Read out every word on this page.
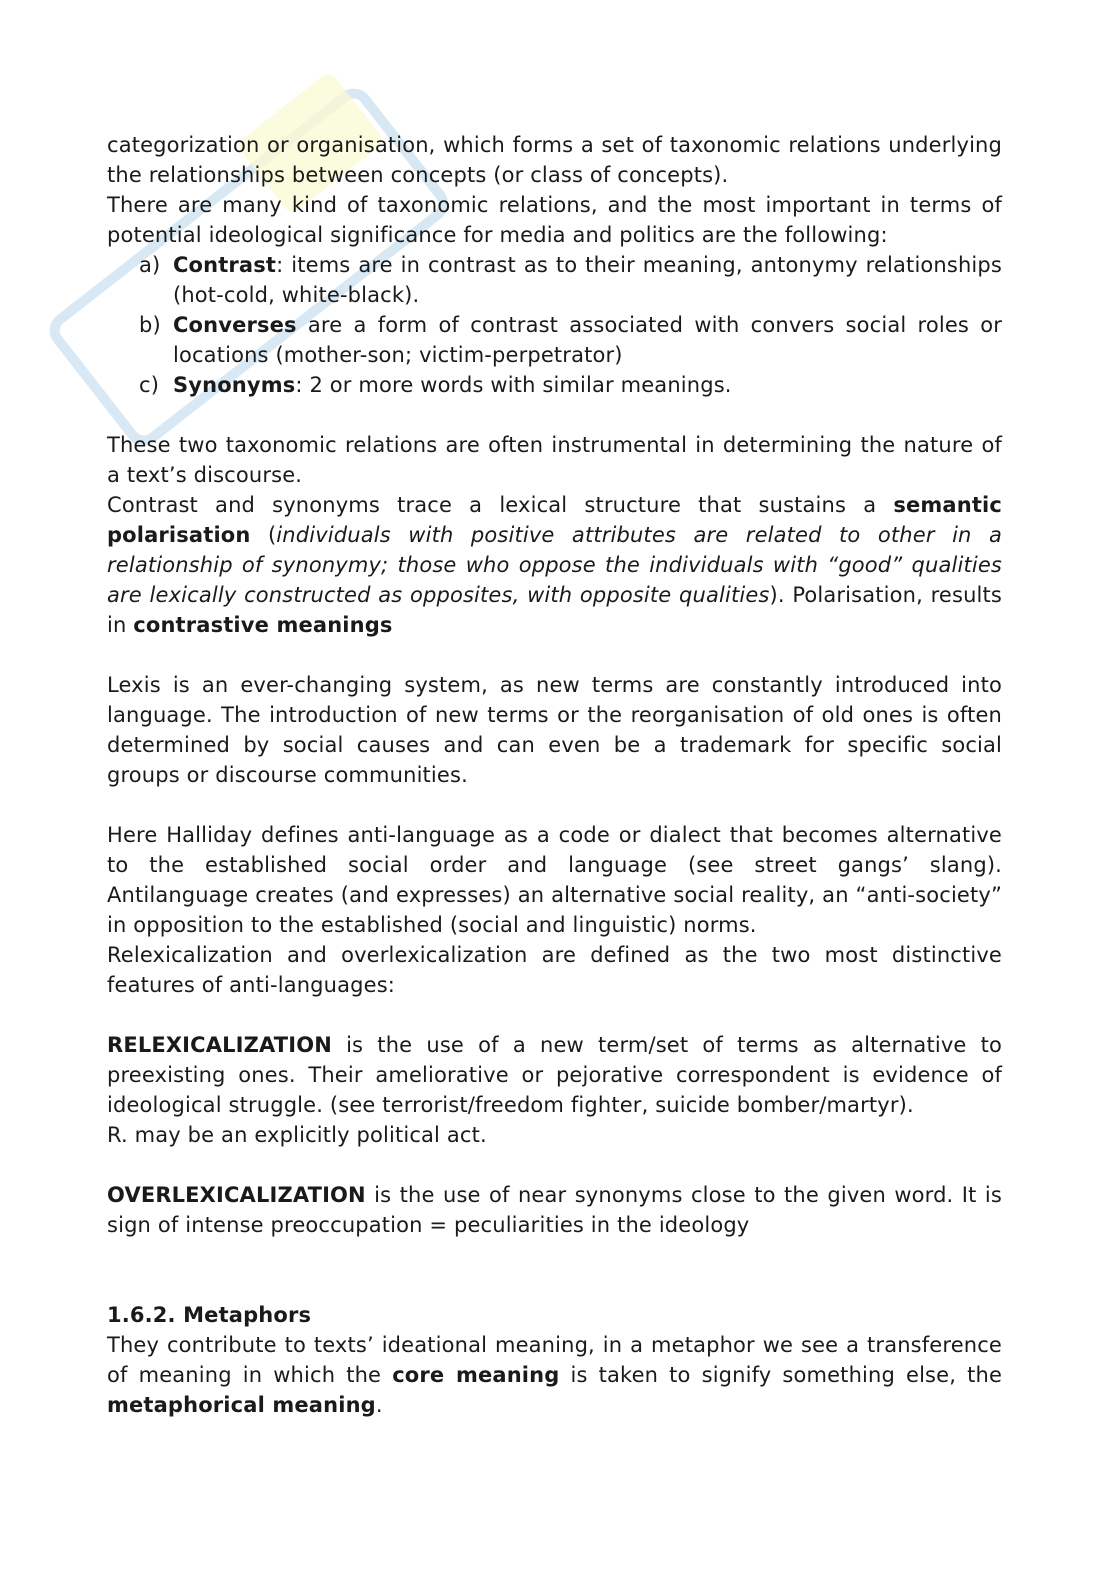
categorization or organisation, which forms a set of taxonomic relations underlying the relationships between concepts (or class of concepts).

There are many kind of taxonomic relations, and the most important in terms of potential ideological significance for media and politics are the following:

a) Contrast: items are in contrast as to their meaning, antonymy relationships (hot-cold, white-black).
b) Converses are a form of contrast associated with convers social roles or locations (mother-son; victim-perpetrator)
c) Synonyms: 2 or more words with similar meanings.

These two taxonomic relations are often instrumental in determining the nature of a text’s discourse.

Contrast and synonyms trace a lexical structure that sustains a semantic polarisation (individuals with positive attributes are related to other in a relationship of synonymy; those who oppose the individuals with “good” qualities are lexically constructed as opposites, with opposite qualities). Polarisation, results in contrastive meanings

Lexis is an ever-changing system, as new terms are constantly introduced into language. The introduction of new terms or the reorganisation of old ones is often determined by social causes and can even be a trademark for specific social groups or discourse communities.

Here Halliday defines anti-language as a code or dialect that becomes alternative to the established social order and language (see street gangs’ slang). Antilanguage creates (and expresses) an alternative social reality, an “anti-society” in opposition to the established (social and linguistic) norms.

Relexicalization and overlexicalization are defined as the two most distinctive features of anti-languages:

RELEXICALIZATION is the use of a new term/set of terms as alternative to preexisting ones. Their ameliorative or pejorative correspondent is evidence of ideological struggle. (see terrorist/freedom fighter, suicide bomber/martyr).

R. may be an explicitly political act.

OVERLEXICALIZATION is the use of near synonyms close to the given word. It is sign of intense preoccupation = peculiarities in the ideology

1.6.2. Metaphors

They contribute to texts’ ideational meaning, in a metaphor we see a transference of meaning in which the core meaning is taken to signify something else, the metaphorical meaning.
